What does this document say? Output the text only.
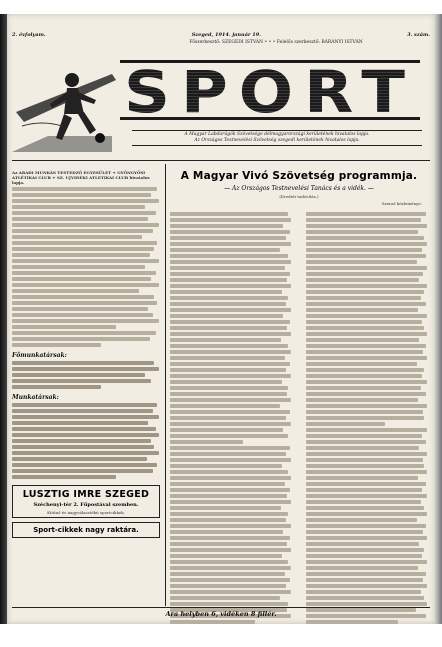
2. évfolyam.	Szeged, 1914. január 19.	3. szám.
Főszerkesztő: SZEGEDI ISTVÁN • • • Felelős szerkesztő: BÁRÁNYI ISTVÁN
SPORT
A Magyar Labdarúgók Szövetsége délmagyarországi kerületének hivatalos lapja.
Az Országos Testnevelési Szövetség szegedi kerületének hivatalos lapja.
Az ARADI MUNKÁS TESTEDZŐ EGYESÜLET + GYŐNGYÖSI ATLÉTIKAI CLUB + SZ. UJVIDÉKI ATLETIKAI CLUB hivatalos lapja.
Főmunkatársak:
Munkatársak:
LUSZTIG IMRE SZEGED
Széchenyi-tér 2. Fűpostával szemben.
Kitűnő és nagyválasztékú sportcikkek.
Sport-cikkek nagy raktára.
A Magyar Vivó Szövetség programmja.
— Az Országos Testnevelési Tanács és a vidék. —
(Eredeti tudósítás.)
Szerző közleménye.
Ara helyben 6, vidéken 8 fillér.
